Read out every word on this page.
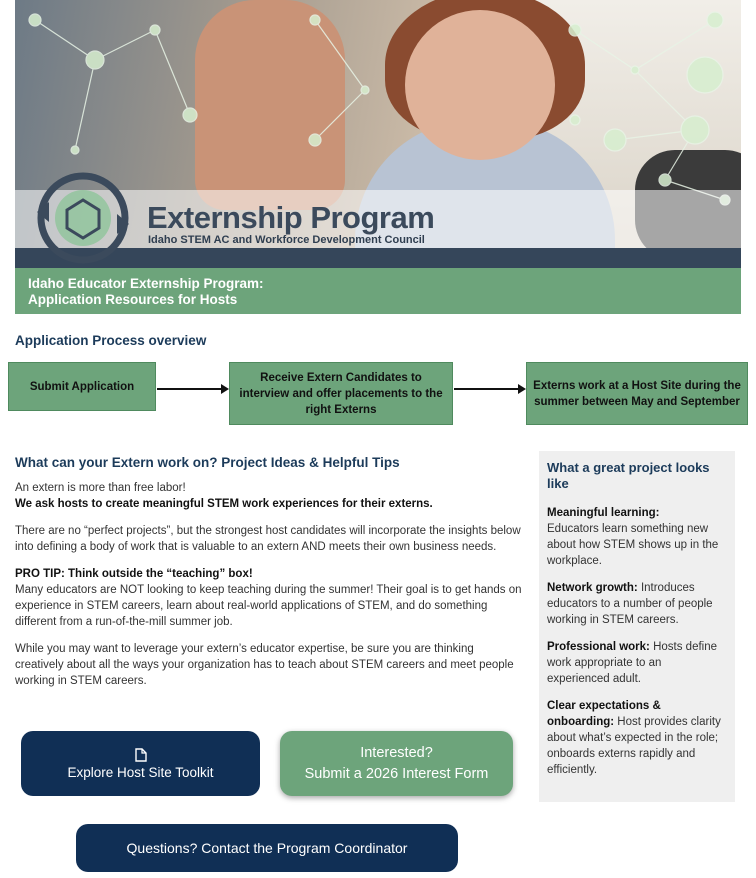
Externship Program
Idaho STEM AC and Workforce Development Council
Idaho Educator Externship Program:
Application Resources for Hosts
Application Process overview
Submit Application
Receive Extern Candidates to interview and offer placements to the right Externs
Externs work at a Host Site during the summer between May and September
What can your Extern work on? Project Ideas & Helpful Tips

An extern is more than free labor!
We ask hosts to create meaningful STEM work experiences for their externs.

There are no “perfect projects”, but the strongest host candidates will incorporate the insights below into defining a body of work that is valuable to an extern AND meets their own business needs.

PRO TIP: Think outside the “teaching” box!
Many educators are NOT looking to keep teaching during the summer! Their goal is to get hands on experience in STEM careers, learn about real-world applications of STEM, and do something different from a run-of-the-mill summer job.

While you may want to leverage your extern’s educator expertise, be sure you are thinking creatively about all the ways your organization has to teach about STEM careers and meet people working in STEM careers.

What a great project looks like
Meaningful learning:
Educators learn something new about how STEM shows up in the workplace.
Network growth: Introduces educators to a number of people working in STEM careers.
Professional work: Hosts define work appropriate to an experienced adult.
Clear expectations & onboarding: Host provides clarity about what’s expected in the role; onboards externs rapidly and efficiently.
Explore Host Site Toolkit
Interested?
Submit a 2026 Interest Form
Questions? Contact the Program Coordinator
